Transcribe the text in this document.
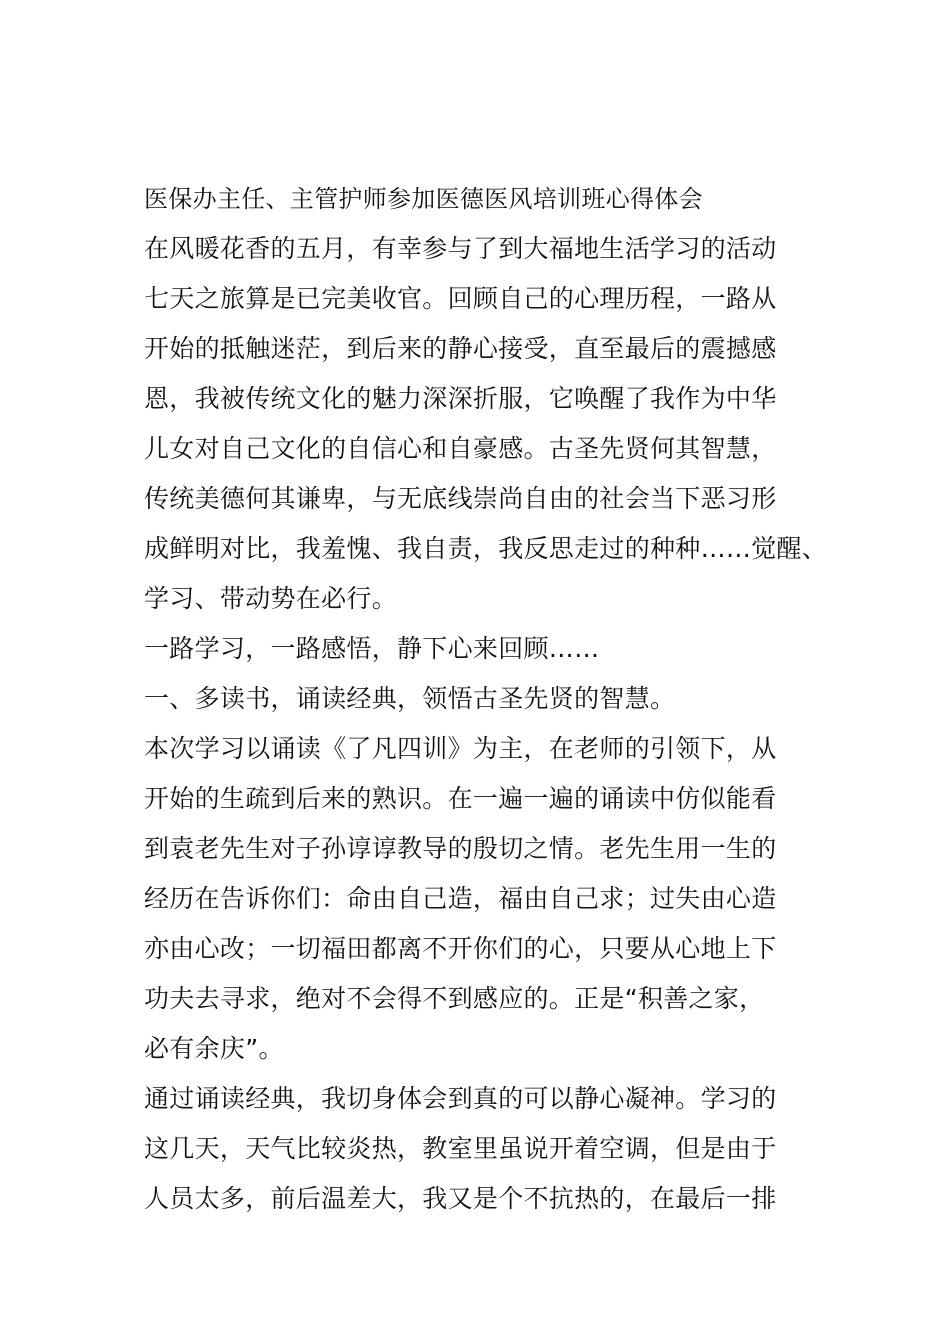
医保办主任、主管护师参加医德医风培训班心得体会
在风暖花香的五月，有幸参与了到大福地生活学习的活动
七天之旅算是已完美收官。回顾自己的心理历程，一路从
开始的抵触迷茫，到后来的静心接受，直至最后的震撼感
恩，我被传统文化的魅力深深折服，它唤醒了我作为中华
儿女对自己文化的自信心和自豪感。古圣先贤何其智慧，
传统美德何其谦卑，与无底线崇尚自由的社会当下恶习形
成鲜明对比，我羞愧、我自责，我反思走过的种种……觉醒、
学习、带动势在必行。
一路学习，一路感悟，静下心来回顾……
一、多读书，诵读经典，领悟古圣先贤的智慧。
本次学习以诵读《了凡四训》为主，在老师的引领下，从
开始的生疏到后来的熟识。在一遍一遍的诵读中仿似能看
到袁老先生对子孙谆谆教导的殷切之情。老先生用一生的
经历在告诉你们：命由自己造，福由自己求；过失由心造
亦由心改；一切福田都离不开你们的心，只要从心地上下
功夫去寻求，绝对不会得不到感应的。正是“积善之家，
必有余庆”。
通过诵读经典，我切身体会到真的可以静心凝神。学习的
这几天，天气比较炎热，教室里虽说开着空调，但是由于
人员太多，前后温差大，我又是个不抗热的，在最后一排
